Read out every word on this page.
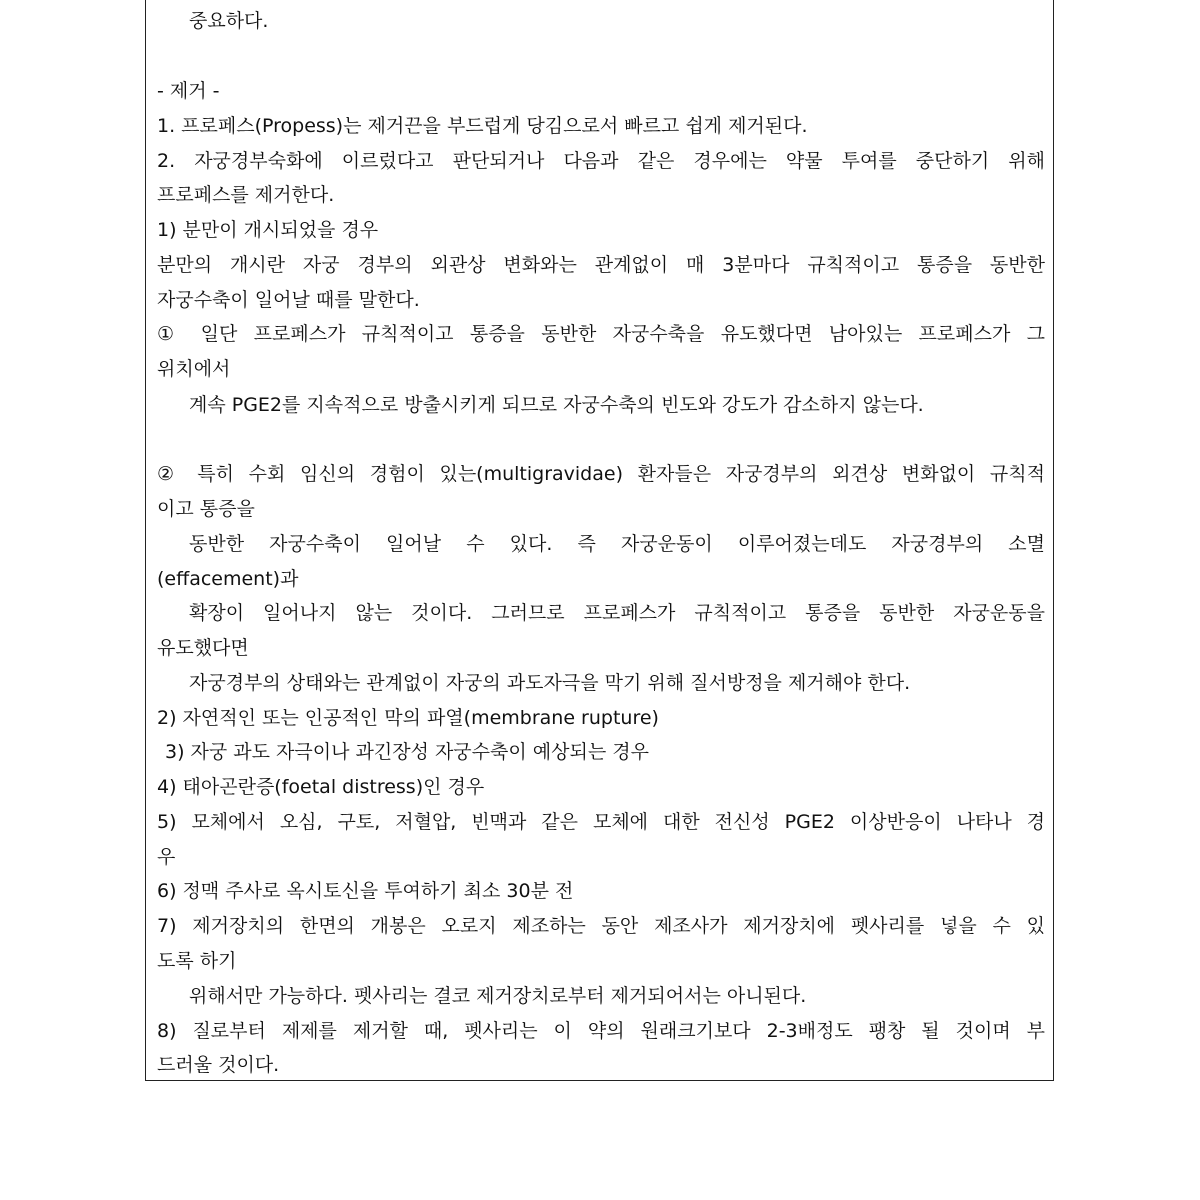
중요하다.
- 제거 -
1. 프로페스(Propess)는 제거끈을 부드럽게 당김으로서 빠르고 쉽게 제거된다.
2. 자궁경부숙화에 이르렀다고 판단되거나 다음과 같은 경우에는 약물 투여를 중단하기 위해
프로페스를 제거한다.
1) 분만이 개시되었을 경우
분만의 개시란 자궁 경부의 외관상 변화와는 관계없이 매 3분마다 규칙적이고 통증을 동반한
자궁수축이 일어날 때를 말한다.
① 일단 프로페스가 규칙적이고 통증을 동반한 자궁수축을 유도했다면 남아있는 프로페스가 그
위치에서
계속 PGE2를 지속적으로 방출시키게 되므로 자궁수축의 빈도와 강도가 감소하지 않는다.
② 특히 수회 임신의 경험이 있는(multigravidae) 환자들은 자궁경부의 외견상 변화없이 규칙적
이고 통증을
동반한 자궁수축이 일어날 수 있다. 즉 자궁운동이 이루어졌는데도 자궁경부의 소멸
(effacement)과
확장이 일어나지 않는 것이다. 그러므로 프로페스가 규칙적이고 통증을 동반한 자궁운동을
유도했다면
자궁경부의 상태와는 관계없이 자궁의 과도자극을 막기 위해 질서방정을 제거해야 한다.
2) 자연적인 또는 인공적인 막의 파열(membrane rupture)
3) 자궁 과도 자극이나 과긴장성 자궁수축이 예상되는 경우
4) 태아곤란증(foetal distress)인 경우
5) 모체에서 오심, 구토, 저혈압, 빈맥과 같은 모체에 대한 전신성 PGE2 이상반응이 나타나 경
우
6) 정맥 주사로 옥시토신을 투여하기 최소 30분 전
7) 제거장치의 한면의 개봉은 오로지 제조하는 동안 제조사가 제거장치에 펫사리를 넣을 수 있
도록 하기
위해서만 가능하다. 펫사리는 결코 제거장치로부터 제거되어서는 아니된다.
8) 질로부터 제제를 제거할 때, 펫사리는 이 약의 원래크기보다 2-3배정도 팽창 될 것이며 부
드러울 것이다.
